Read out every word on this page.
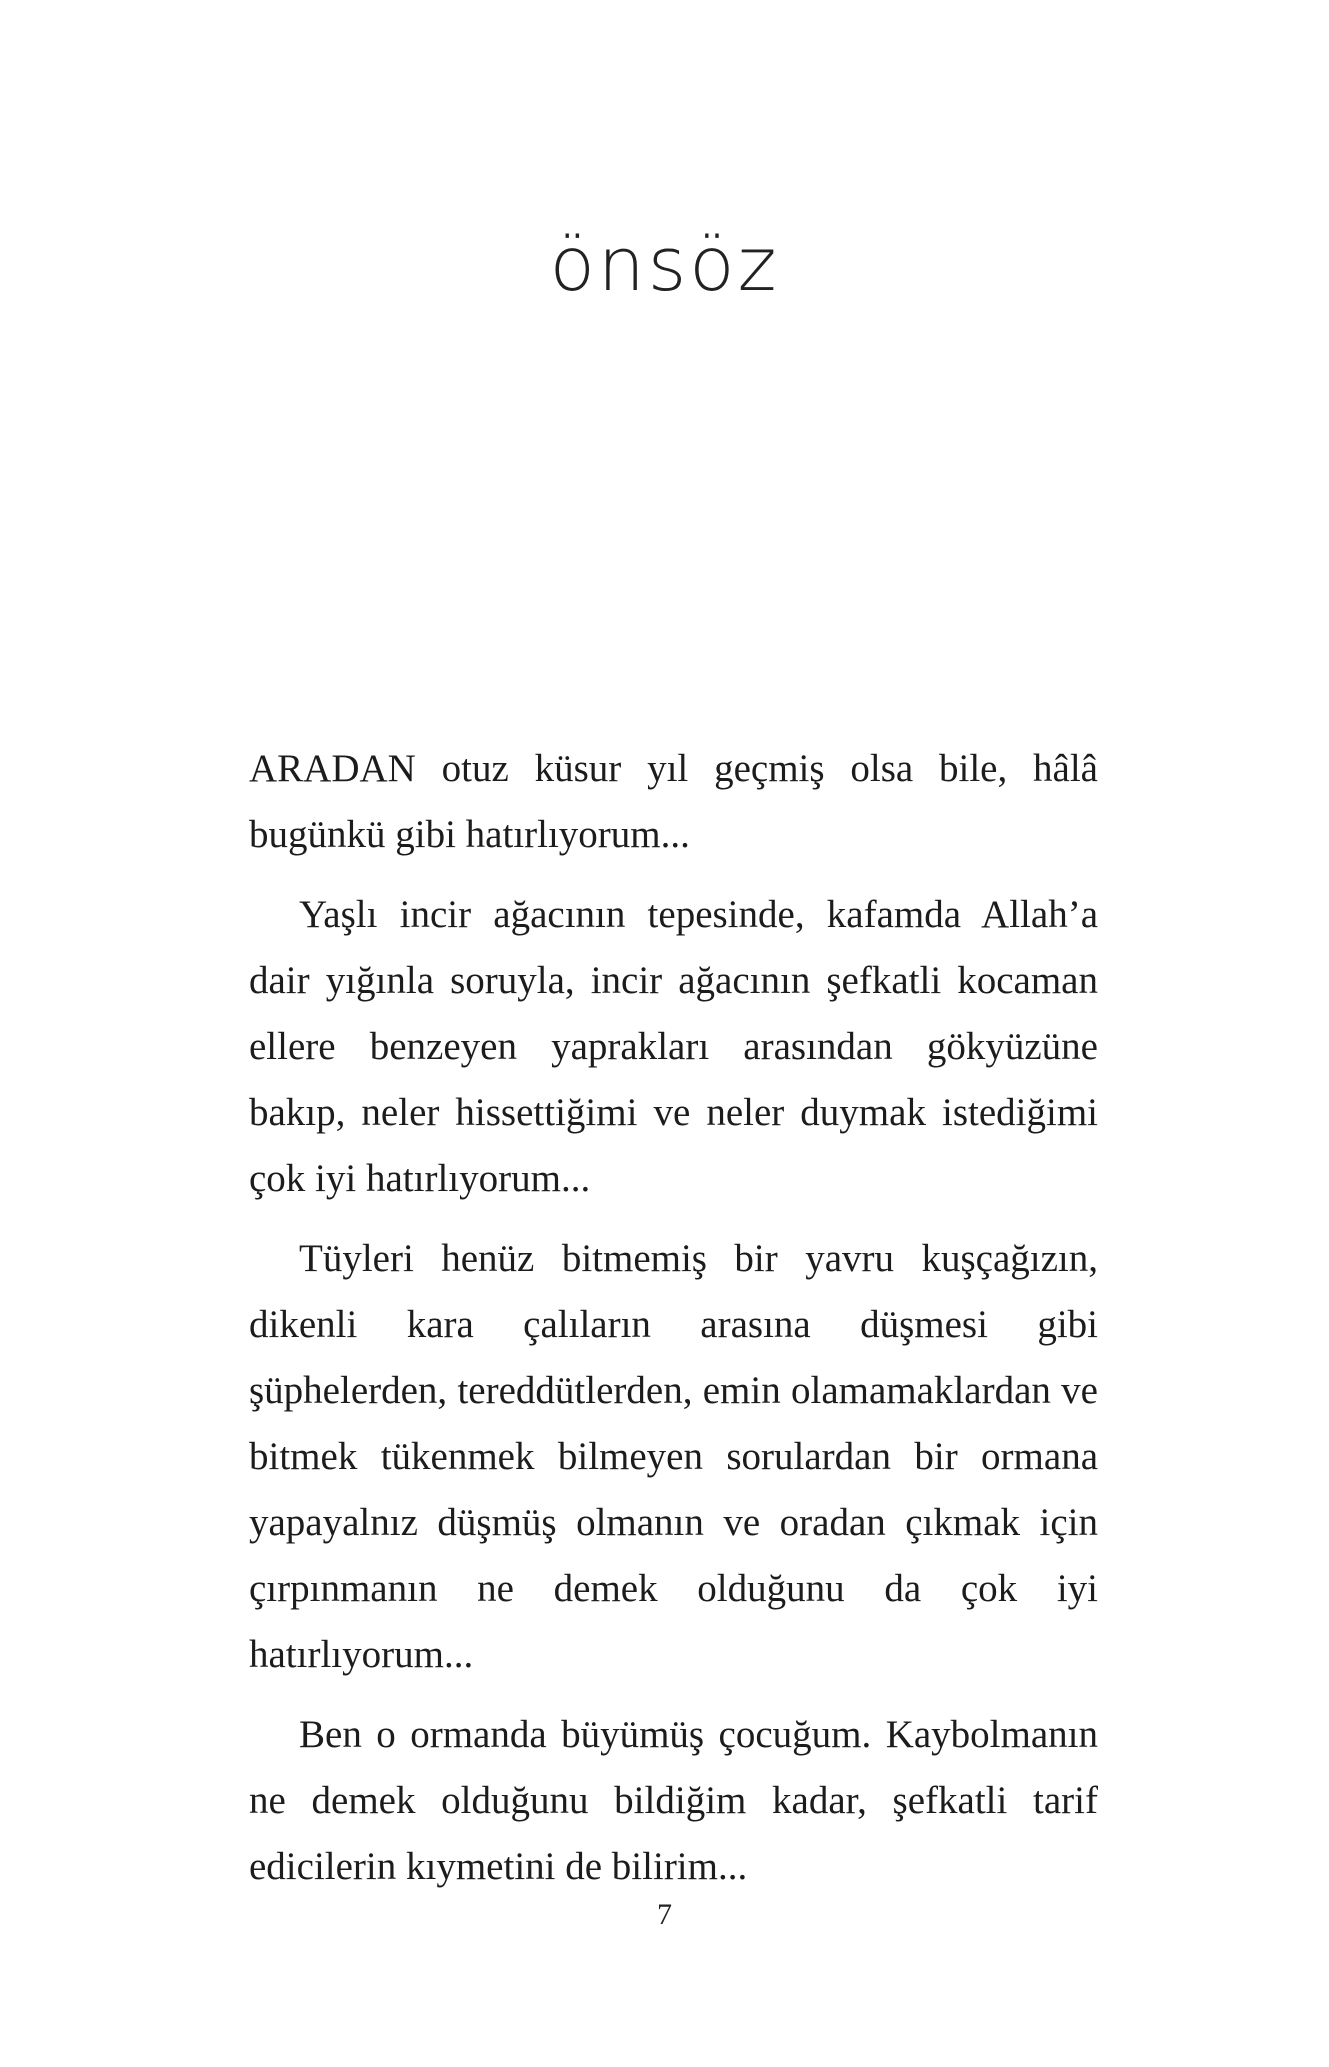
önsöz

ARADAN otuz küsur yıl geçmiş olsa bile, hâlâ bugünkü gibi hatırlıyorum...

Yaşlı incir ağacının tepesinde, kafamda Allah’a dair yığınla soruyla, incir ağacının şefkatli kocaman ellere benzeyen yaprakları arasından gökyüzüne bakıp, neler hissettiğimi ve neler duymak istediğimi çok iyi hatırlıyorum...

Tüyleri henüz bitmemiş bir yavru kuşçağızın, dikenli kara çalıların arasına düşmesi gibi şüphelerden, tereddütlerden, emin olamamaklardan ve bitmek tükenmek bilmeyen sorulardan bir ormana yapayalnız düşmüş olmanın ve oradan çıkmak için çırpınmanın ne demek olduğunu da çok iyi hatırlıyorum...

Ben o ormanda büyümüş çocuğum. Kaybolmanın ne demek olduğunu bildiğim kadar, şefkatli tarif edicilerin kıymetini de bilirim...

7
